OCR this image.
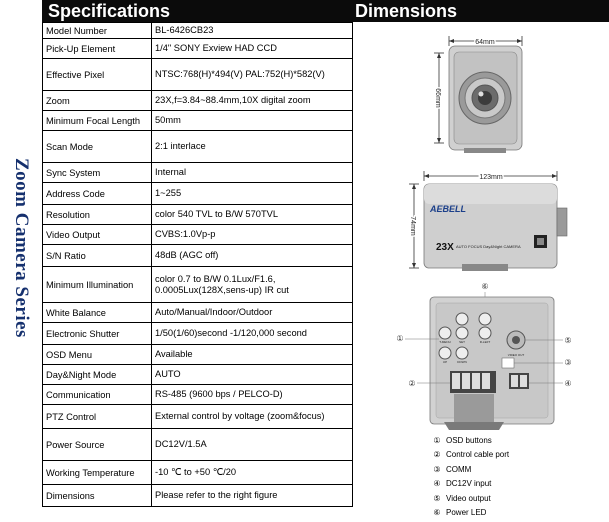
Zoom Camera Series
Specifications	Dimensions
Model Number	BL-6426CB23
Pick-Up Element	1/4" SONY Exview HAD CCD
Effective Pixel	NTSC:768(H)*494(V) PAL:752(H)*582(V)
Zoom	23X,f=3.84~88.4mm,10X digital zoom
Minimum Focal Length	50mm
Scan Mode	2:1 interlace
Sync System	Internal
Address Code	1~255
Resolution	color 540 TVL to B/W 570TVL
Video Output	CVBS:1.0Vp-p
S/N Ratio	48dB (AGC off)
Minimum Illumination	color 0.7 to B/W 0.1Lux/F1.6, 0.0005Lux(128X,sens-up) IR cut
White Balance	Auto/Manual/Indoor/Outdoor
Electronic Shutter	1/50(1/60)second -1/120,000 second
OSD Menu	Available
Day&Night Mode	AUTO
Communication	RS-485 (9600 bps / PELCO-D)
PTZ Control	External control by voltage (zoom&focus)
Power Source	DC12V/1.5A
Working Temperature	-10 ℃ to +50 ℃/20
Dimensions	Please refer to the right figure
64mm
66mm
123mm
AEBELL
23X AUTO FOCUS Day&Night CAMERA
74mm
⑥
T-MENU	SET	R-LEFT
UP	DOWN
VIDEO OUT
①	⑤
③
②	④
① OSD buttons
② Control cable port
③ COMM
④ DC12V input
⑤ Video output
⑥ Power LED
